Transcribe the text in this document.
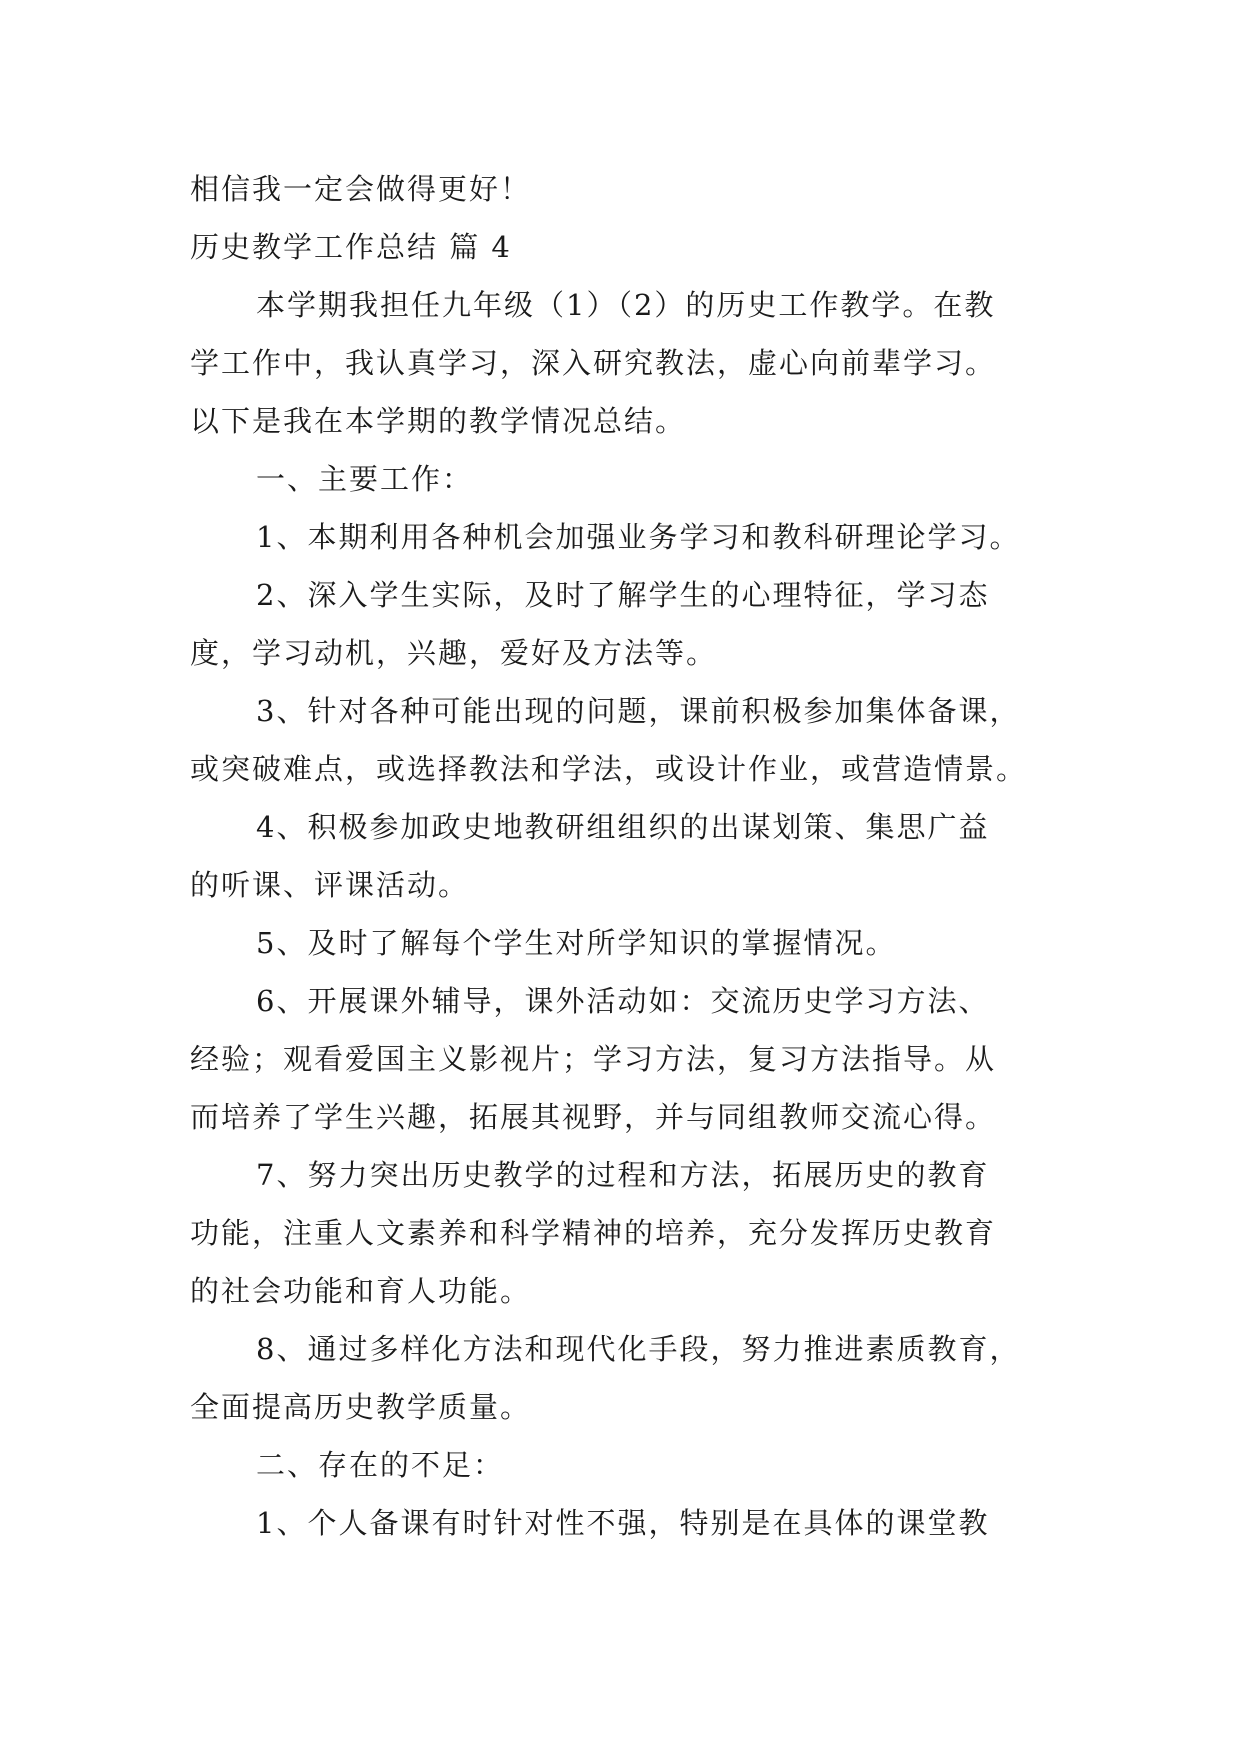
相信我一定会做得更好！
历史教学工作总结 篇 4
本学期我担任九年级（1）（2）的历史工作教学。在教
学工作中，我认真学习，深入研究教法，虚心向前辈学习。
以下是我在本学期的教学情况总结。
一、主要工作：
1、本期利用各种机会加强业务学习和教科研理论学习。
2、深入学生实际，及时了解学生的心理特征，学习态
度，学习动机，兴趣，爱好及方法等。
3、针对各种可能出现的问题，课前积极参加集体备课，
或突破难点，或选择教法和学法，或设计作业，或营造情景。
4、积极参加政史地教研组组织的出谋划策、集思广益
的听课、评课活动。
5、及时了解每个学生对所学知识的掌握情况。
6、开展课外辅导，课外活动如：交流历史学习方法、
经验；观看爱国主义影视片；学习方法，复习方法指导。从
而培养了学生兴趣，拓展其视野，并与同组教师交流心得。
7、努力突出历史教学的过程和方法，拓展历史的教育
功能，注重人文素养和科学精神的培养，充分发挥历史教育
的社会功能和育人功能。
8、通过多样化方法和现代化手段，努力推进素质教育，
全面提高历史教学质量。
二、存在的不足：
1、个人备课有时针对性不强，特别是在具体的课堂教
